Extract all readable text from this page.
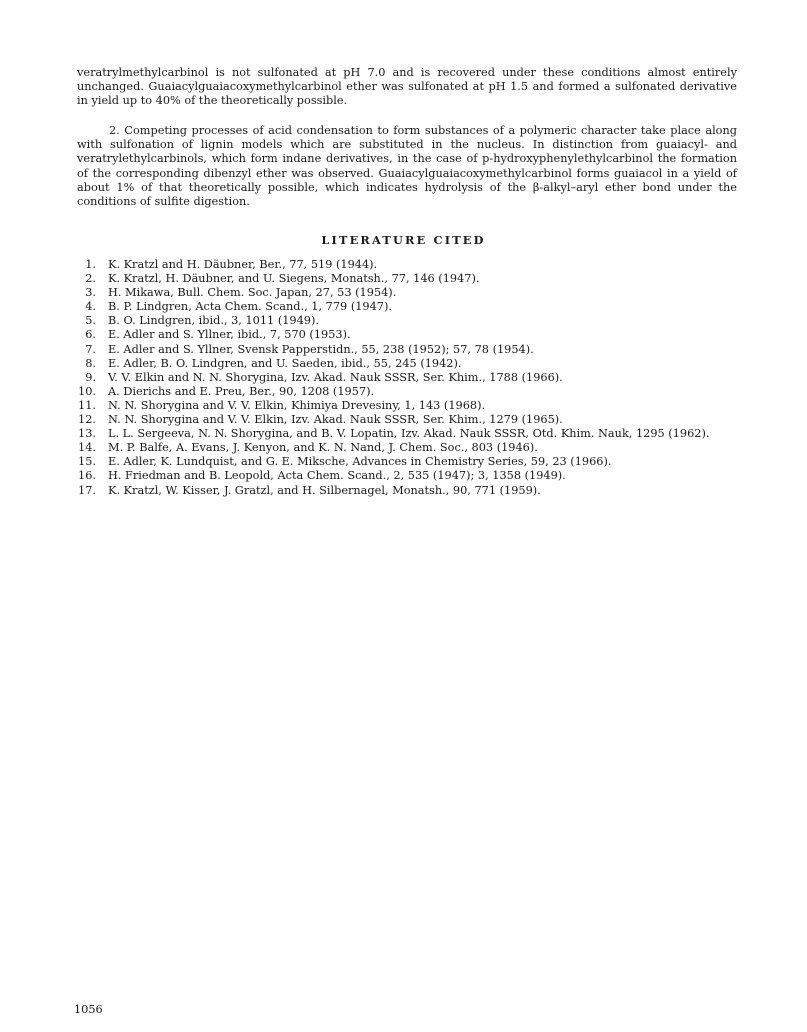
veratrylmethylcarbinol is not sulfonated at pH 7.0 and is recovered under these conditions almost entirely unchanged. Guaiacylguaiacoxymethylcarbinol ether was sulfonated at pH 1.5 and formed a sulfonated derivative in yield up to 40% of the theoretically possible.

2. Competing processes of acid condensation to form substances of a polymeric character take place along with sulfonation of lignin models which are substituted in the nucleus. In distinction from guaiacyl- and veratrylethylcarbinols, which form indane derivatives, in the case of p-hydroxyphenylethylcarbinol the formation of the corresponding dibenzyl ether was observed. Guaiacylguaiacoxymethylcarbinol forms guaiacol in a yield of about 1% of that theoretically possible, which indicates hydrolysis of the β-alkyl–aryl ether bond under the conditions of sulfite digestion.

LITERATURE CITED
1.	K. Kratzl and H. Däubner, Ber., 77, 519 (1944).
2.	K. Kratzl, H. Däubner, and U. Siegens, Monatsh., 77, 146 (1947).
3.	H. Mikawa, Bull. Chem. Soc. Japan, 27, 53 (1954).
4.	B. P. Lindgren, Acta Chem. Scand., 1, 779 (1947).
5.	B. O. Lindgren, ibid., 3, 1011 (1949).
6.	E. Adler and S. Yllner, ibid., 7, 570 (1953).
7.	E. Adler and S. Yllner, Svensk Papperstidn., 55, 238 (1952); 57, 78 (1954).
8.	E. Adler, B. O. Lindgren, and U. Saeden, ibid., 55, 245 (1942).
9.	V. V. Elkin and N. N. Shorygina, Izv. Akad. Nauk SSSR, Ser. Khim., 1788 (1966).
10.	A. Dierichs and E. Preu, Ber., 90, 1208 (1957).
11.	N. N. Shorygina and V. V. Elkin, Khimiya Drevesiny, 1, 143 (1968).
12.	N. N. Shorygina and V. V. Elkin, Izv. Akad. Nauk SSSR, Ser. Khim., 1279 (1965).
13.	L. L. Sergeeva, N. N. Shorygina, and B. V. Lopatin, Izv. Akad. Nauk SSSR, Otd. Khim. Nauk, 1295 (1962).
14.	M. P. Balfe, A. Evans, J. Kenyon, and K. N. Nand, J. Chem. Soc., 803 (1946).
15.	E. Adler, K. Lundquist, and G. E. Miksche, Advances in Chemistry Series, 59, 23 (1966).
16.	H. Friedman and B. Leopold, Acta Chem. Scand., 2, 535 (1947); 3, 1358 (1949).
17.	K. Kratzl, W. Kisser, J. Gratzl, and H. Silbernagel, Monatsh., 90, 771 (1959).

1056
